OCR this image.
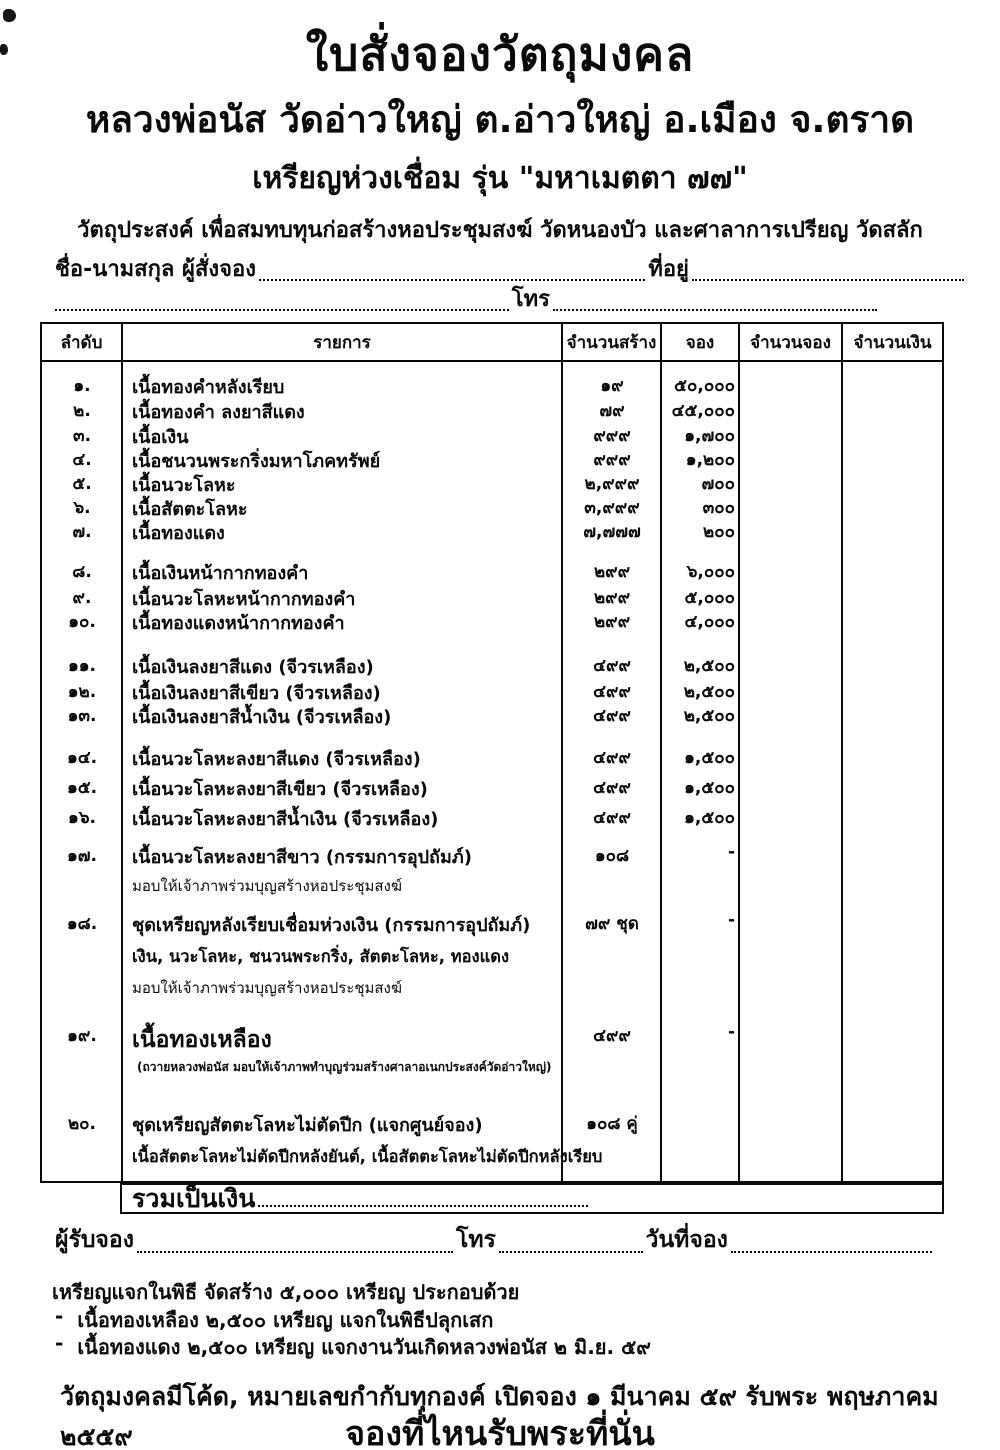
ใบสั่งจองวัตถุมงคล
หลวงพ่อนัส วัดอ่าวใหญ่ ต.อ่าวใหญ่ อ.เมือง จ.ตราด
เหรียญห่วงเชื่อม รุ่น "มหาเมตตา ๗๗"
วัตถุประสงค์ เพื่อสมทบทุนก่อสร้างหอประชุมสงฆ์ วัดหนองบัว และศาลาการเปรียญ วัดสลัก
ชื่อ-นามสกุล ผู้สั่งจอง	ที่อยู่
โทร
ลำดับ	รายการ	จำนวนสร้าง	จอง	จำนวนจอง	จำนวนเงิน
๑.	เนื้อทองคำหลังเรียบ	๑๙	๕๐,๐๐๐
๒.	เนื้อทองคำ ลงยาสีแดง	๗๙	๔๕,๐๐๐
๓.	เนื้อเงิน	๙๙๙	๑,๗๐๐
๔.	เนื้อชนวนพระกริ่งมหาโภคทรัพย์	๙๙๙	๑,๒๐๐
๕.	เนื้อนวะโลหะ	๒,๙๙๙	๗๐๐
๖.	เนื้อสัตตะโลหะ	๓,๙๙๙	๓๐๐
๗.	เนื้อทองแดง	๗,๗๗๗	๒๐๐
๘.	เนื้อเงินหน้ากากทองคำ	๒๙๙	๖,๐๐๐
๙.	เนื้อนวะโลหะหน้ากากทองคำ	๒๙๙	๕,๐๐๐
๑๐.	เนื้อทองแดงหน้ากากทองคำ	๒๙๙	๔,๐๐๐
๑๑.	เนื้อเงินลงยาสีแดง (จีวรเหลือง)	๔๙๙	๒,๕๐๐
๑๒.	เนื้อเงินลงยาสีเขียว (จีวรเหลือง)	๔๙๙	๒,๕๐๐
๑๓.	เนื้อเงินลงยาสีน้ำเงิน (จีวรเหลือง)	๔๙๙	๒,๕๐๐
๑๔.	เนื้อนวะโลหะลงยาสีแดง (จีวรเหลือง)	๔๙๙	๑,๕๐๐
๑๕.	เนื้อนวะโลหะลงยาสีเขียว (จีวรเหลือง)	๔๙๙	๑,๕๐๐
๑๖.	เนื้อนวะโลหะลงยาสีน้ำเงิน (จีวรเหลือง)	๔๙๙	๑,๕๐๐
๑๗.	เนื้อนวะโลหะลงยาสีขาว (กรรมการอุปถัมภ์)	๑๐๘	-
มอบให้เจ้าภาพร่วมบุญสร้างหอประชุมสงฆ์
๑๘.	ชุดเหรียญหลังเรียบเชื่อมห่วงเงิน (กรรมการอุปถัมภ์)	๗๙ ชุด	-
เงิน, นวะโลหะ, ชนวนพระกริ่ง, สัตตะโลหะ, ทองแดง
มอบให้เจ้าภาพร่วมบุญสร้างหอประชุมสงฆ์
๑๙.	เนื้อทองเหลือง	๔๙๙	-
(ถวายหลวงพ่อนัส มอบให้เจ้าภาพทำบุญร่วมสร้างศาลาอเนกประสงค์วัดอ่าวใหญ่)
๒๐.	ชุดเหรียญสัตตะโลหะไม่ตัดปีก (แจกศูนย์จอง)	๑๐๘ คู่
เนื้อสัตตะโลหะไม่ตัดปีกหลังยันต์, เนื้อสัตตะโลหะไม่ตัดปีกหลังเรียบ
รวมเป็นเงิน
ผู้รับจอง	โทร	วันที่จอง
เหรียญแจกในพิธี จัดสร้าง ๕,๐๐๐ เหรียญ ประกอบด้วย
- เนื้อทองเหลือง ๒,๕๐๐ เหรียญ แจกในพิธีปลุกเสก
- เนื้อทองแดง ๒,๕๐๐ เหรียญ แจกงานวันเกิดหลวงพ่อนัส ๒ มิ.ย. ๕๙
วัตถุมงคลมีโค้ด, หมายเลขกำกับทุกองค์ เปิดจอง ๑ มีนาคม ๕๙ รับพระ พฤษภาคม ๒๕๕๙	จองที่ไหนรับพระที่นั่น
